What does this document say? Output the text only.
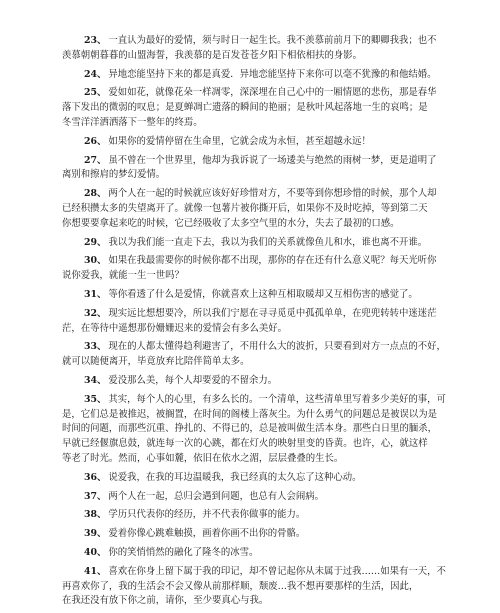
23、 一直认为最好的爱情，须与时日一起生长。我不羡慕前前月下的卿卿我我；也不
羡慕朝朝暮暮的山盟海誓，我羡慕的是百发苍苍夕阳下相依相扶的身影。
24、 异地恋能坚持下来的都是真爱．异地恋能坚持下来你可以毫不犹豫的和他结婚。
25、 爱如如花，就像花朵一样凋零，深深埋在自己心中的一厢情愿的悲伤，那是春华
落下发出的微弱的叹息；是夏蝉凋亡遗落的瞬间的艳丽；是秋叶风起落地一生的哀鸣；是
冬雪洋洋洒洒落下一整年的终焉。
26、 如果你的爱情停留在生命里，它就会成为永恒，甚至超越永远！
27、 虽不曾在一个世界里，他却为我诉说了一场逶美与绝然的雨树一梦，更是道明了
离别和擦肩的梦幻爱情。
28、 两个人在一起的时候就应该好好珍惜对方，不要等到你想珍惜的时候，那个人却
已经积攒太多的失望离开了。就像一包薯片被你撕开后，如果你不及时吃掉，等到第二天
你想要要拿起来吃的时候，它已经吸收了太多空气里的水分，失去了最初的口感。
29、 我以为我们能一直走下去，我以为我们的关系就像鱼儿和水，谁也离不开谁。
30、 如果在我最需要你的时候你都不出现，那你的存在还有什么意义呢？每天光听你
说你爱我，就能一生一世吗？
31、 等你看透了什么是爱情，你就喜欢上这种互相取暖却又互相伤害的感觉了。
32、 现实远比想想要冷，所以我们宁愿在寻寻觅觅中孤孤单单，在兜兜转转中迷迷茫
茫，在等待中遥想那份姗姗迟来的爱情会有多么美好。
33、 现在的人都太懂得趋利避害了，不用什么大的波折，只要看到对方一点点的不好，
就可以随便离开，毕竟放弃比陪伴简单太多。
34、 爱没那么美，每个人却要爱的不留余力。
35、 其实，每个人的心里，有多么长的。一个清单，这些清单里写着多少美好的事，可
是，它们总是被推迟，被搁置，在时间的阁楼上落灰尘。为什么勇气的问题总是被误以为是
时间的问题，而那些沉重、挣扎的、不得已的，总是被叫做生活本身。那些白日里的腼杀，
早就已经偃旗息鼓，就连每一次的心跳，都在灯火的映射里变的昏黄。也许，心，就这样
等老了时光。然而，心事如麓，依旧在依水之湄，层层叠叠的生长。
36、 说爱我，在我的耳边温暖我，我已经真的太久忘了这种心动。
37、 两个人在一起，总归会遇到问题，也总有人会闹病。
38、 学历只代表你的经历，并不代表你做事的能力。
39、 爱着你像心跳难触摸，画着你画不出你的骨骼。
40、 你的笑悄悄然的融化了隆冬的冰雪。
41、 喜欢在你身上留下属于我的印记，却不曾记起你从未属于过我……如果有一天，不
再喜欢你了，我的生活会不会又像从前那样顺，颓废…我不想再要那样的生活，因此，
在我还没有放下你之前，请你，至少要真心与我。
